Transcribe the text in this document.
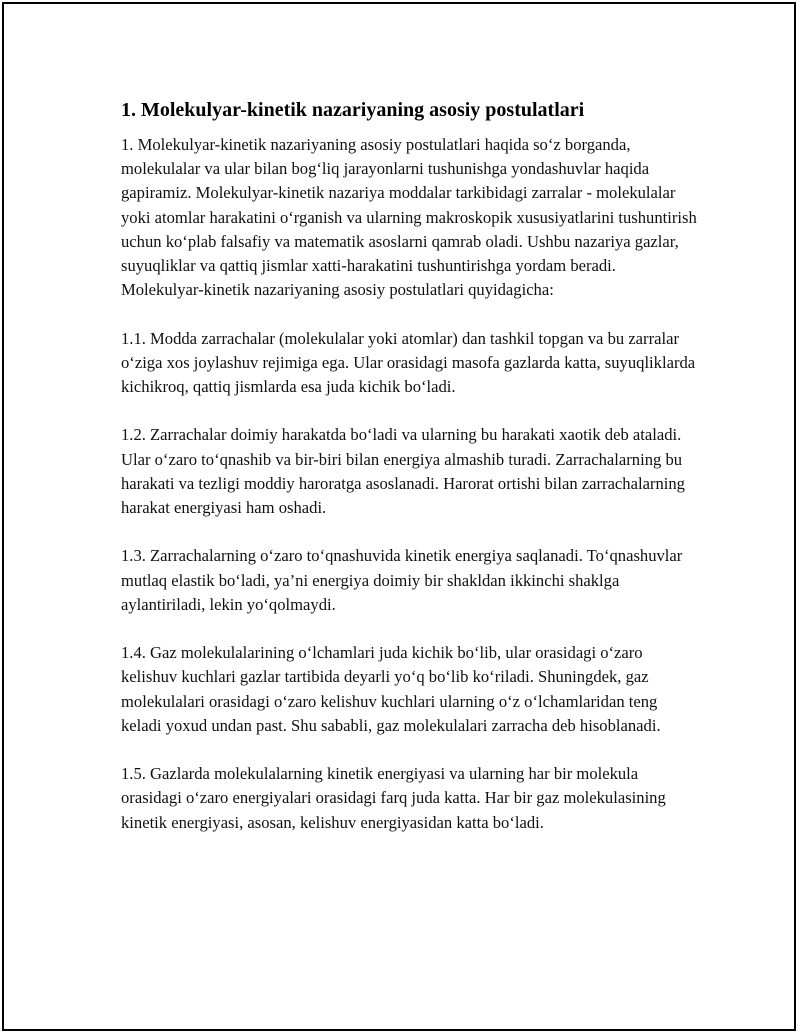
1. Molekulyar-kinetik nazariyaning asosiy postulatlari

1. Molekulyar-kinetik nazariyaning asosiy postulatlari haqida so‘z borganda, molekulalar va ular bilan bog‘liq jarayonlarni tushunishga yondashuvlar haqida gapiramiz. Molekulyar-kinetik nazariya moddalar tarkibidagi zarralar - molekulalar yoki atomlar harakatini o‘rganish va ularning makroskopik xususiyatlarini tushuntirish uchun ko‘plab falsafiy va matematik asoslarni qamrab oladi. Ushbu nazariya gazlar, suyuqliklar va qattiq jismlar xatti-harakatini tushuntirishga yordam beradi. Molekulyar-kinetik nazariyaning asosiy postulatlari quyidagicha:

1.1. Modda zarrachalar (molekulalar yoki atomlar) dan tashkil topgan va bu zarralar o‘ziga xos joylashuv rejimiga ega. Ular orasidagi masofa gazlarda katta, suyuqliklarda kichikroq, qattiq jismlarda esa juda kichik bo‘ladi.

1.2. Zarrachalar doimiy harakatda bo‘ladi va ularning bu harakati xaotik deb ataladi. Ular o‘zaro to‘qnashib va bir-biri bilan energiya almashib turadi. Zarrachalarning bu harakati va tezligi moddiy haroratga asoslanadi. Harorat ortishi bilan zarrachalarning harakat energiyasi ham oshadi.

1.3. Zarrachalarning o‘zaro to‘qnashuvida kinetik energiya saqlanadi. To‘qnashuvlar mutlaq elastik bo‘ladi, ya’ni energiya doimiy bir shakldan ikkinchi shaklga aylantiriladi, lekin yo‘qolmaydi.

1.4. Gaz molekulalarining o‘lchamlari juda kichik bo‘lib, ular orasidagi o‘zaro kelishuv kuchlari gazlar tartibida deyarli yo‘q bo‘lib ko‘riladi. Shuningdek, gaz molekulalari orasidagi o‘zaro kelishuv kuchlari ularning o‘z o‘lchamlaridan teng keladi yoxud undan past. Shu sababli, gaz molekulalari zarracha deb hisoblanadi.

1.5. Gazlarda molekulalarning kinetik energiyasi va ularning har bir molekula orasidagi o‘zaro energiyalari orasidagi farq juda katta. Har bir gaz molekulasining kinetik energiyasi, asosan, kelishuv energiyasidan katta bo‘ladi.
